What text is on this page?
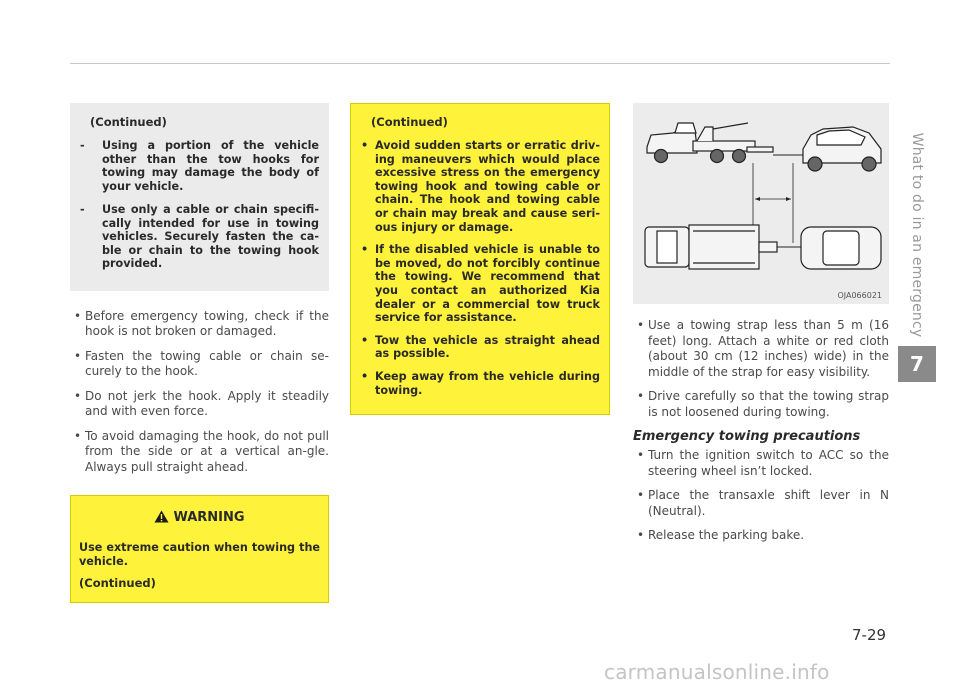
(Continued)
- Using a portion of the vehicle other than the tow hooks for towing may damage the body of your vehicle.
- Use only a cable or chain specifi-cally intended for use in towing vehicles. Securely fasten the ca-ble or chain to the towing hook provided.
• Before emergency towing, check if the hook is not broken or damaged.
• Fasten the towing cable or chain se-curely to the hook.
• Do not jerk the hook. Apply it steadily and with even force.
• To avoid damaging the hook, do not pull from the side or at a vertical an-gle. Always pull straight ahead.
WARNING
Use extreme caution when towing the vehicle.
(Continued)
(Continued)
• Avoid sudden starts or erratic driv-ing maneuvers which would place excessive stress on the emergency towing hook and towing cable or chain. The hook and towing cable or chain may break and cause seri-ous injury or damage.
• If the disabled vehicle is unable to be moved, do not forcibly continue the towing. We recommend that you contact an authorized Kia dealer or a commercial tow truck service for assistance.
• Tow the vehicle as straight ahead as possible.
• Keep away from the vehicle during towing.
OJA066021
• Use a towing strap less than 5 m (16 feet) long. Attach a white or red cloth (about 30 cm (12 inches) wide) in the middle of the strap for easy visibility.
• Drive carefully so that the towing strap is not loosened during towing.
Emergency towing precautions
• Turn the ignition switch to ACC so the steering wheel isn’t locked.
• Place the transaxle shift lever in N (Neutral).
• Release the parking bake.
What to do in an emergency
7
7-29
carmanualsonline.info
